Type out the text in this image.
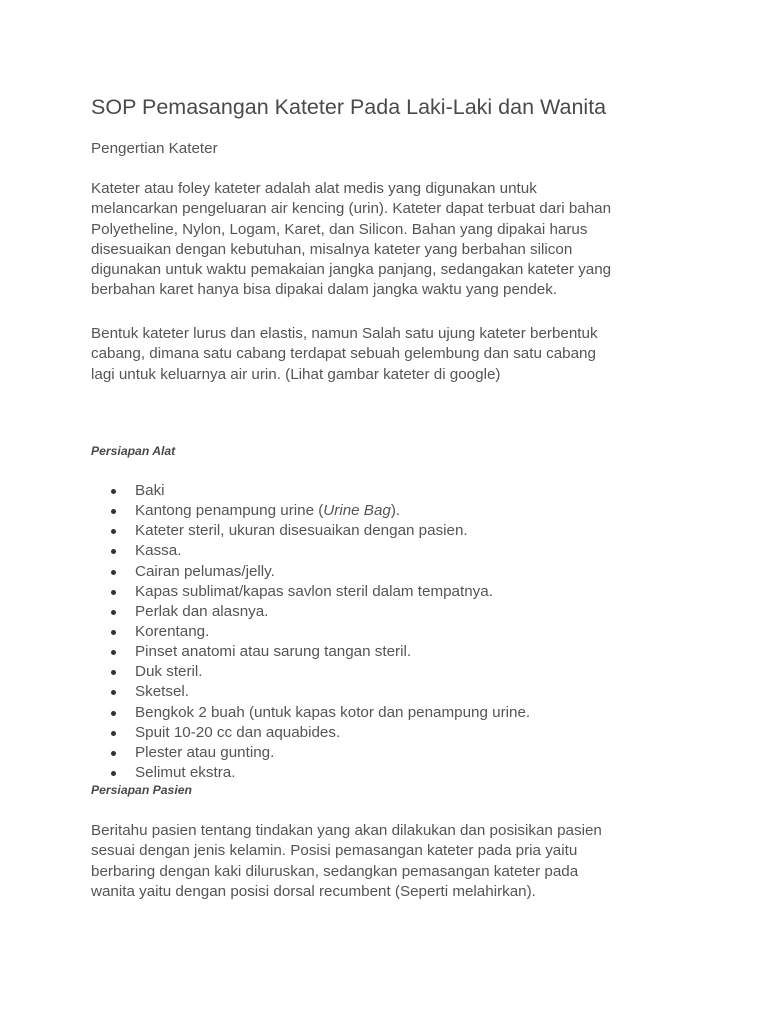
SOP Pemasangan Kateter Pada Laki-Laki dan Wanita

Pengertian Kateter

Kateter atau foley kateter adalah alat medis yang digunakan untuk
melancarkan pengeluaran air kencing (urin). Kateter dapat terbuat dari bahan
Polyetheline, Nylon, Logam, Karet, dan Silicon. Bahan yang dipakai harus
disesuaikan dengan kebutuhan, misalnya kateter yang berbahan silicon
digunakan untuk waktu pemakaian jangka panjang, sedangakan kateter yang
berbahan karet hanya bisa dipakai dalam jangka waktu yang pendek.

Bentuk kateter lurus dan elastis, namun Salah satu ujung kateter berbentuk
cabang, dimana satu cabang terdapat sebuah gelembung dan satu cabang
lagi untuk keluarnya air urin. (Lihat gambar kateter di google)

Persiapan Alat

Baki
Kantong penampung urine (Urine Bag).
Kateter steril, ukuran disesuaikan dengan pasien.
Kassa.
Cairan pelumas/jelly.
Kapas sublimat/kapas savlon steril dalam tempatnya.
Perlak dan alasnya.
Korentang.
Pinset anatomi atau sarung tangan steril.
Duk steril.
Sketsel.
Bengkok 2 buah (untuk kapas kotor dan penampung urine.
Spuit 10-20 cc dan aquabides.
Plester atau gunting.
Selimut ekstra.

Persiapan Pasien

Beritahu pasien tentang tindakan yang akan dilakukan dan posisikan pasien
sesuai dengan jenis kelamin. Posisi pemasangan kateter pada pria yaitu
berbaring dengan kaki diluruskan, sedangkan pemasangan kateter pada
wanita yaitu dengan posisi dorsal recumbent (Seperti melahirkan).
